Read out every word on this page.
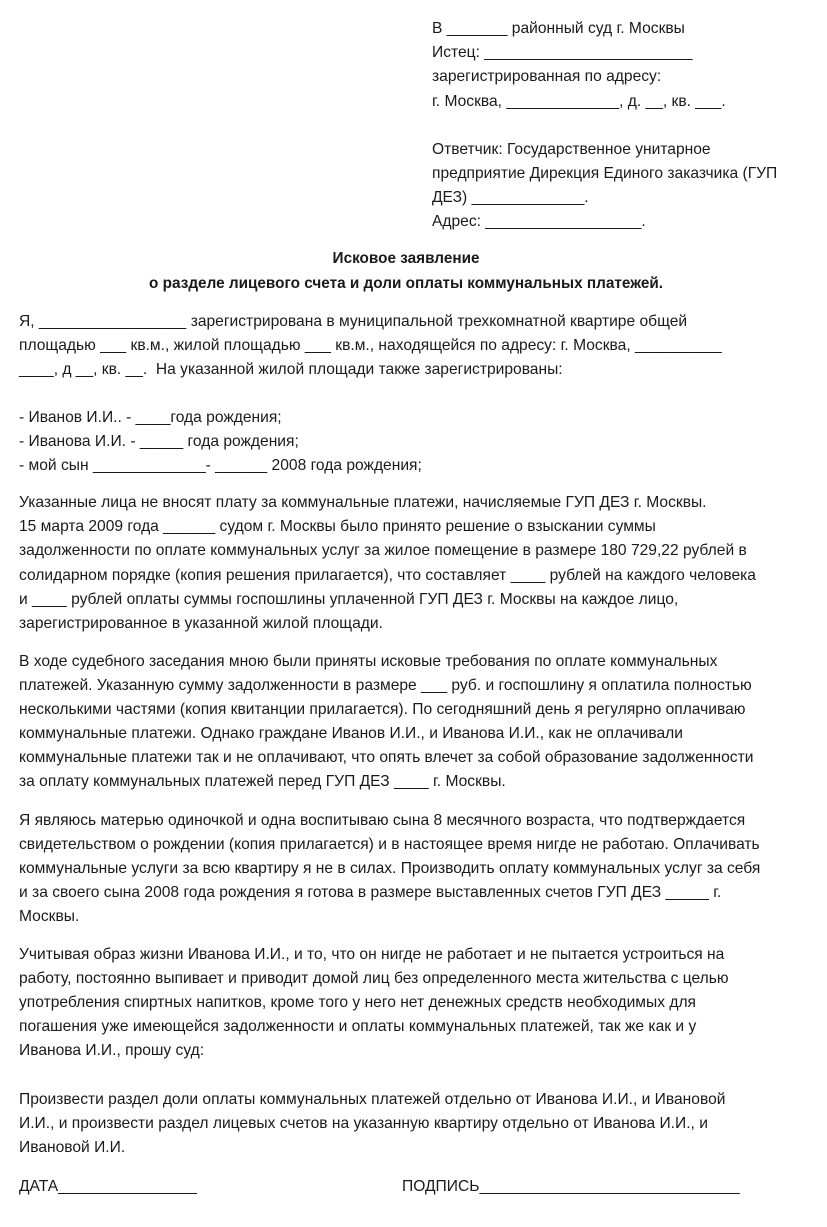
В _______ районный суд г. Москвы
Истец: ________________________
зарегистрированная по адресу:
г. Москва, _____________, д. __, кв. ___.
Ответчик: Государственное унитарное
предприятие Дирекция Единого заказчика (ГУП
ДЕЗ) _____________.
Адрес: __________________.
Исковое заявление
о разделе лицевого счета и доли оплаты коммунальных платежей.
Я, _________________ зарегистрирована в муниципальной трехкомнатной квартире общей
площадью ___ кв.м., жилой площадью ___ кв.м., находящейся по адресу: г. Москва, __________
____, д __, кв. __.  На указанной жилой площади также зарегистрированы:
- Иванов И.И.. - ____года рождения;
- Иванова И.И. - _____ года рождения;
- мой сын _____________- ______ 2008 года рождения;
Указанные лица не вносят плату за коммунальные платежи, начисляемые ГУП ДЕЗ г. Москвы.
15 марта 2009 года ______ судом г. Москвы было принято решение о взыскании суммы
задолженности по оплате коммунальных услуг за жилое помещение в размере 180 729,22 рублей в
солидарном порядке (копия решения прилагается), что составляет ____ рублей на каждого человека
и ____ рублей оплаты суммы госпошлины уплаченной ГУП ДЕЗ г. Москвы на каждое лицо,
зарегистрированное в указанной жилой площади.
В ходе судебного заседания мною были приняты исковые требования по оплате коммунальных
платежей. Указанную сумму задолженности в размере ___ руб. и госпошлину я оплатила полностью
несколькими частями (копия квитанции прилагается). По сегодняшний день я регулярно оплачиваю
коммунальные платежи. Однако граждане Иванов И.И., и Иванова И.И., как не оплачивали
коммунальные платежи так и не оплачивают, что опять влечет за собой образование задолженности
за оплату коммунальных платежей перед ГУП ДЕЗ ____ г. Москвы.
Я являюсь матерью одиночкой и одна воспитываю сына 8 месячного возраста, что подтверждается
свидетельством о рождении (копия прилагается) и в настоящее время нигде не работаю. Оплачивать
коммунальные услуги за всю квартиру я не в силах. Производить оплату коммунальных услуг за себя
и за своего сына 2008 года рождения я готова в размере выставленных счетов ГУП ДЕЗ _____ г.
Москвы.
Учитывая образ жизни Иванова И.И., и то, что он нигде не работает и не пытается устроиться на
работу, постоянно выпивает и приводит домой лиц без определенного места жительства с целью
употребления спиртных напитков, кроме того у него нет денежных средств необходимых для
погашения уже имеющейся задолженности и оплаты коммунальных платежей, так же как и у
Иванова И.И., прошу суд:
Произвести раздел доли оплаты коммунальных платежей отдельно от Иванова И.И., и Ивановой
И.И., и произвести раздел лицевых счетов на указанную квартиру отдельно от Иванова И.И., и
Ивановой И.И.
ДАТА________________	ПОДПИСЬ______________________________
